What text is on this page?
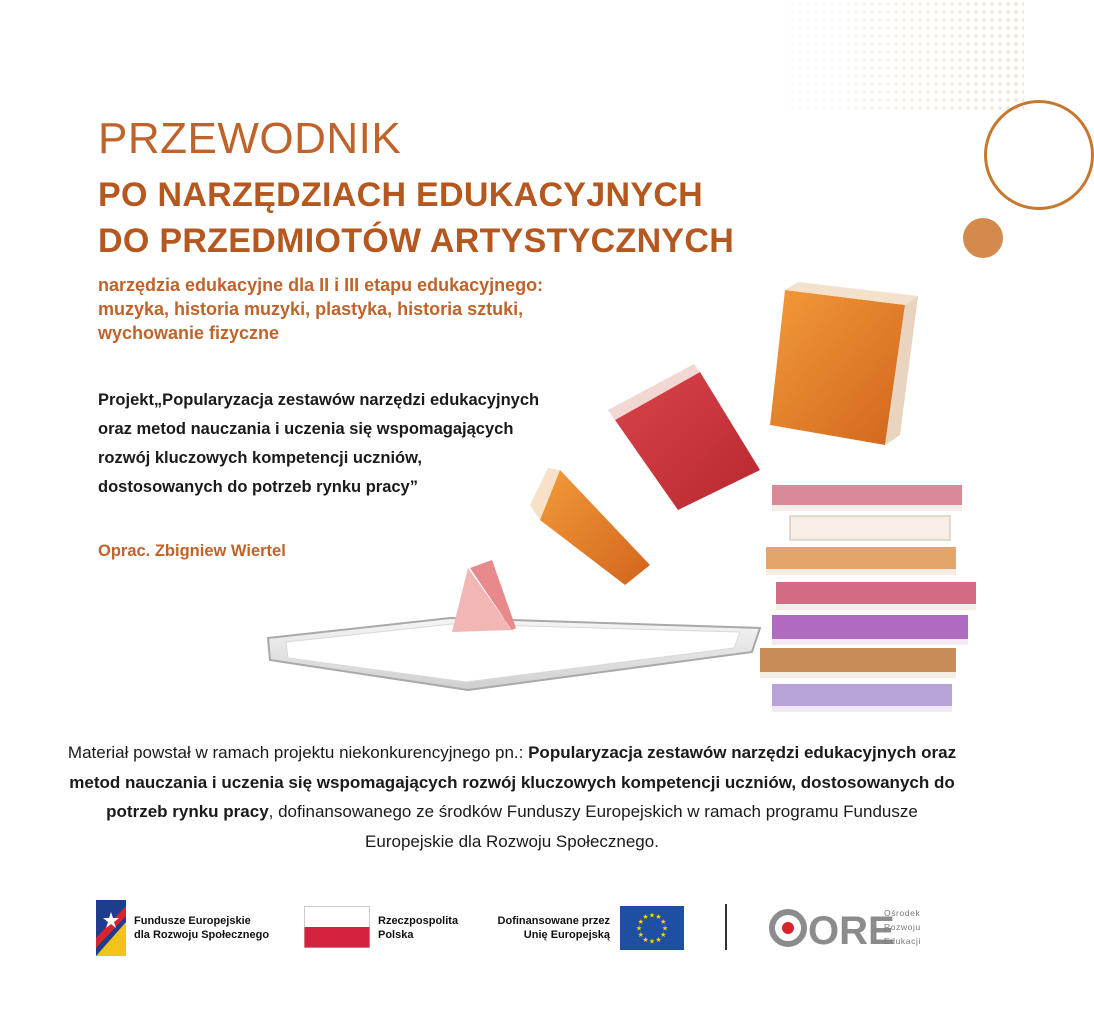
PRZEWODNIK
PO NARZĘDZIACH EDUKACYJNYCH
DO PRZEDMIOTÓW ARTYSTYCZNYCH
narzędzia edukacyjne dla II i III etapu edukacyjnego:
muzyka, historia muzyki, plastyka, historia sztuki,
wychowanie fizyczne
Projekt„Popularyzacja zestawów narzędzi edukacyjnych
oraz metod nauczania i uczenia się wspomagających
rozwój kluczowych kompetencji uczniów,
dostosowanych do potrzeb rynku pracy”
Oprac. Zbigniew Wiertel
Materiał powstał w ramach projektu niekonkurencyjnego pn.: Popularyzacja zestawów narzędzi edukacyjnych oraz metod nauczania i uczenia się wspomagających rozwój kluczowych kompetencji uczniów, dostosowanych do potrzeb rynku pracy, dofinansowanego ze środków Funduszy Europejskich w ramach programu Fundusze Europejskie dla Rozwoju Społecznego.
Fundusze Europejskie
dla Rozwoju Społecznego
Rzeczpospolita
Polska
Dofinansowane przez
Unię Europejską
★ ★
★
★
★
★
★
★
★
★
★
★	ORE
Ośrodek
Rozwoju
Edukacji
